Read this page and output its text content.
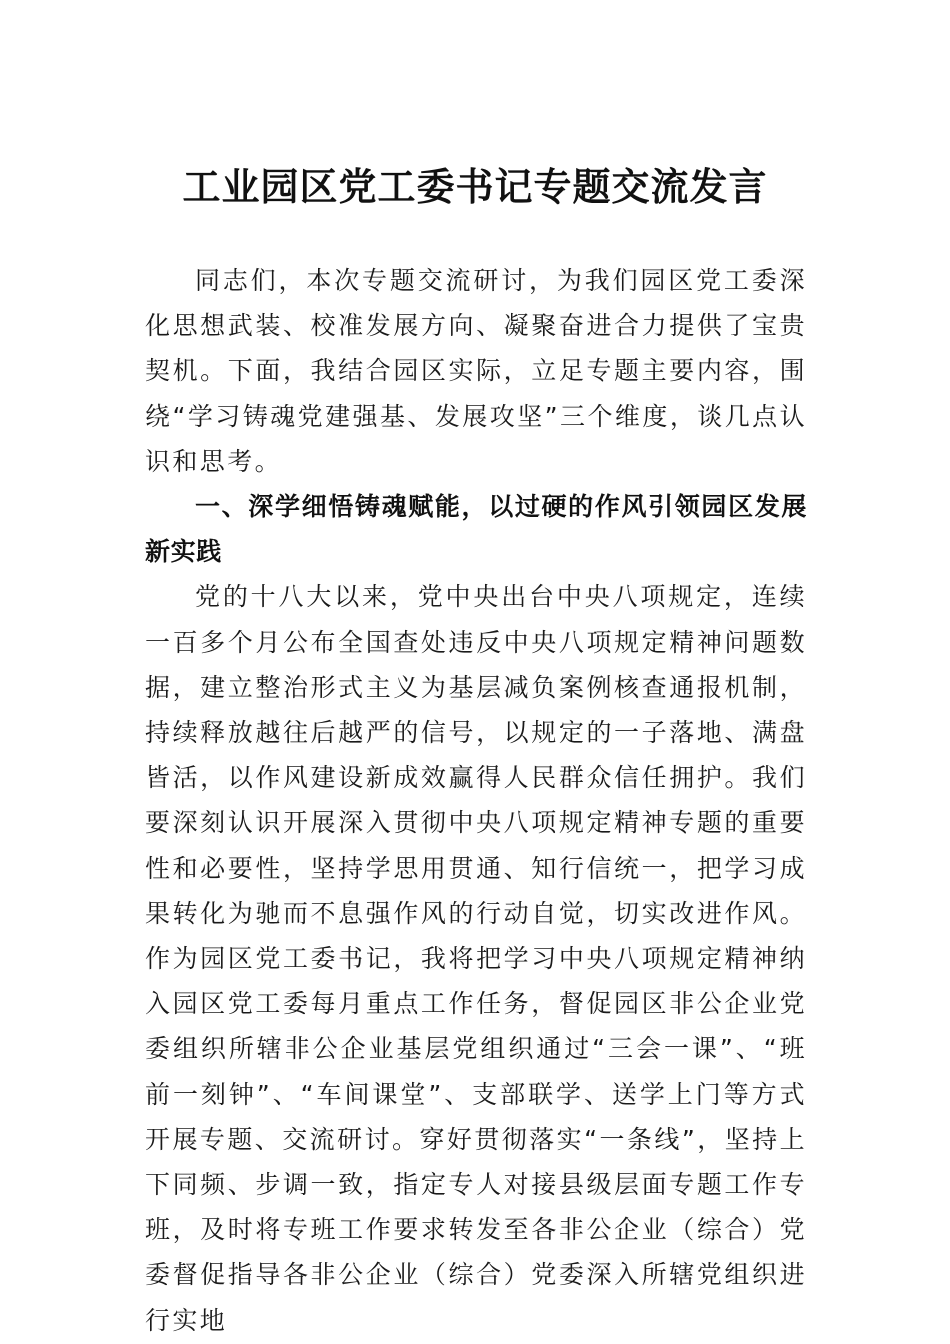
工业园区党工委书记专题交流发言

同志们，本次专题交流研讨，为我们园区党工委深化思想武装、校准发展方向、凝聚奋进合力提供了宝贵契机。下面，我结合园区实际，立足专题主要内容，围绕“学习铸魂党建强基、发展攻坚”三个维度，谈几点认识和思考。

一、深学细悟铸魂赋能，以过硬的作风引领园区发展新实践

党的十八大以来，党中央出台中央八项规定，连续一百多个月公布全国查处违反中央八项规定精神问题数据，建立整治形式主义为基层减负案例核查通报机制，持续释放越往后越严的信号，以规定的一子落地、满盘皆活，以作风建设新成效赢得人民群众信任拥护。我们要深刻认识开展深入贯彻中央八项规定精神专题的重要性和必要性，坚持学思用贯通、知行信统一，把学习成果转化为驰而不息强作风的行动自觉，切实改进作风。作为园区党工委书记，我将把学习中央八项规定精神纳入园区党工委每月重点工作任务，督促园区非公企业党委组织所辖非公企业基层党组织通过“三会一课”、“班前一刻钟”、“车间课堂”、支部联学、送学上门等方式开展专题、交流研讨。穿好贯彻落实“一条线”，坚持上下同频、步调一致，指定专人对接县级层面专题工作专班，及时将专班工作要求转发至各非公企业（综合）党委督促指导各非公企业（综合）党委深入所辖党组织进行实地
